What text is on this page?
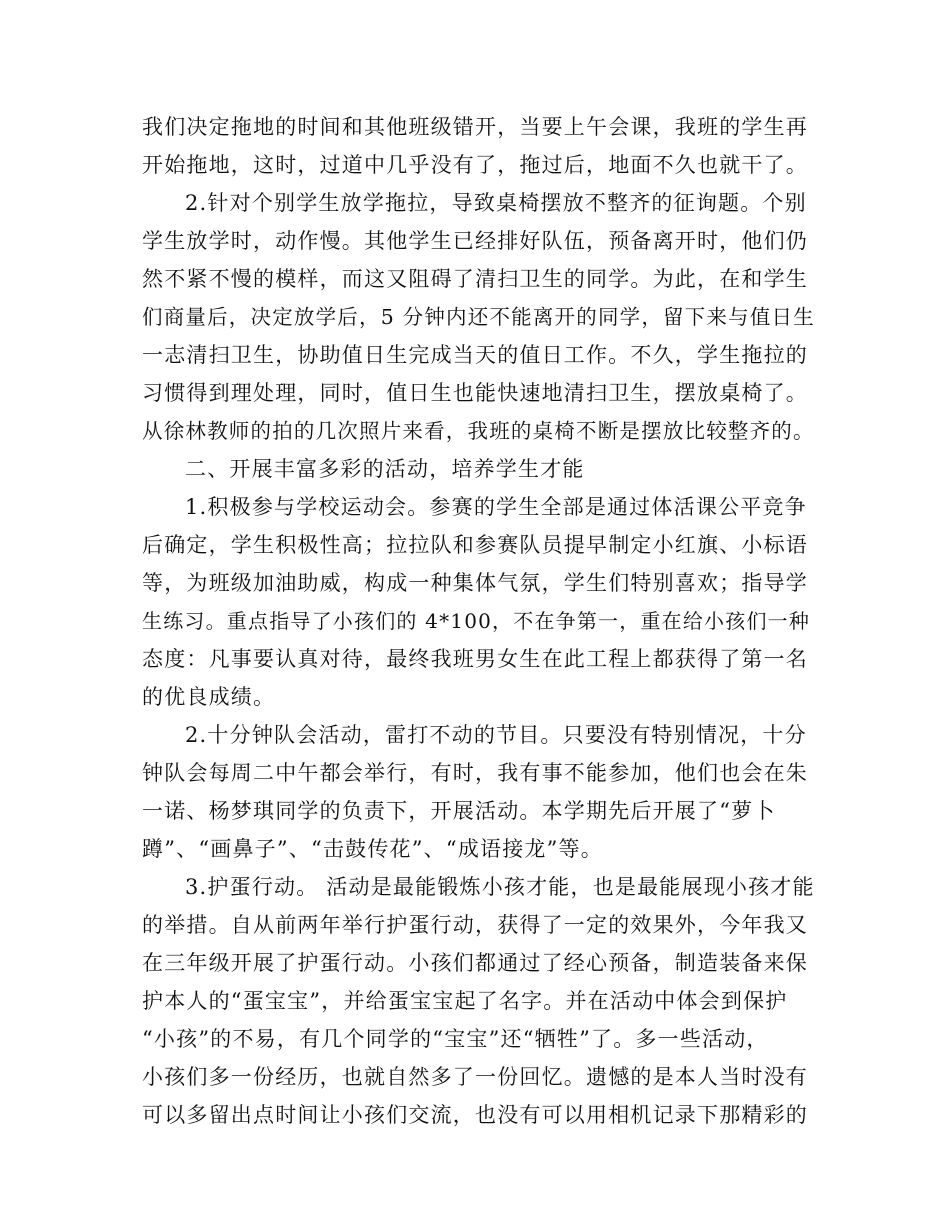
我们决定拖地的时间和其他班级错开，当要上午会课，我班的学生再
开始拖地，这时，过道中几乎没有了，拖过后，地面不久也就干了。
2.针对个别学生放学拖拉，导致桌椅摆放不整齐的征询题。个别
学生放学时，动作慢。其他学生已经排好队伍，预备离开时，他们仍
然不紧不慢的模样，而这又阻碍了清扫卫生的同学。为此，在和学生
们商量后，决定放学后，5 分钟内还不能离开的同学，留下来与值日生
一志清扫卫生，协助值日生完成当天的值日工作。不久，学生拖拉的
习惯得到理处理，同时，值日生也能快速地清扫卫生，摆放桌椅了。
从徐林教师的拍的几次照片来看，我班的桌椅不断是摆放比较整齐的。
二、开展丰富多彩的活动，培养学生才能
1.积极参与学校运动会。参赛的学生全部是通过体活课公平竞争
后确定，学生积极性高；拉拉队和参赛队员提早制定小红旗、小标语
等，为班级加油助威，构成一种集体气氛，学生们特别喜欢；指导学
生练习。重点指导了小孩们的 4*100，不在争第一，重在给小孩们一种
态度：凡事要认真对待，最终我班男女生在此工程上都获得了第一名
的优良成绩。
2.十分钟队会活动，雷打不动的节目。只要没有特别情况，十分
钟队会每周二中午都会举行，有时，我有事不能参加，他们也会在朱
一诺、杨梦琪同学的负责下，开展活动。本学期先后开展了“萝卜
蹲”、“画鼻子”、“击鼓传花”、“成语接龙”等。
3.护蛋行动。 活动是最能锻炼小孩才能，也是最能展现小孩才能
的举措。自从前两年举行护蛋行动，获得了一定的效果外，今年我又
在三年级开展了护蛋行动。小孩们都通过了经心预备，制造装备来保
护本人的“蛋宝宝”，并给蛋宝宝起了名字。并在活动中体会到保护
“小孩”的不易，有几个同学的“宝宝”还“牺牲”了。多一些活动，
小孩们多一份经历，也就自然多了一份回忆。遗憾的是本人当时没有
可以多留出点时间让小孩们交流，也没有可以用相机记录下那精彩的
